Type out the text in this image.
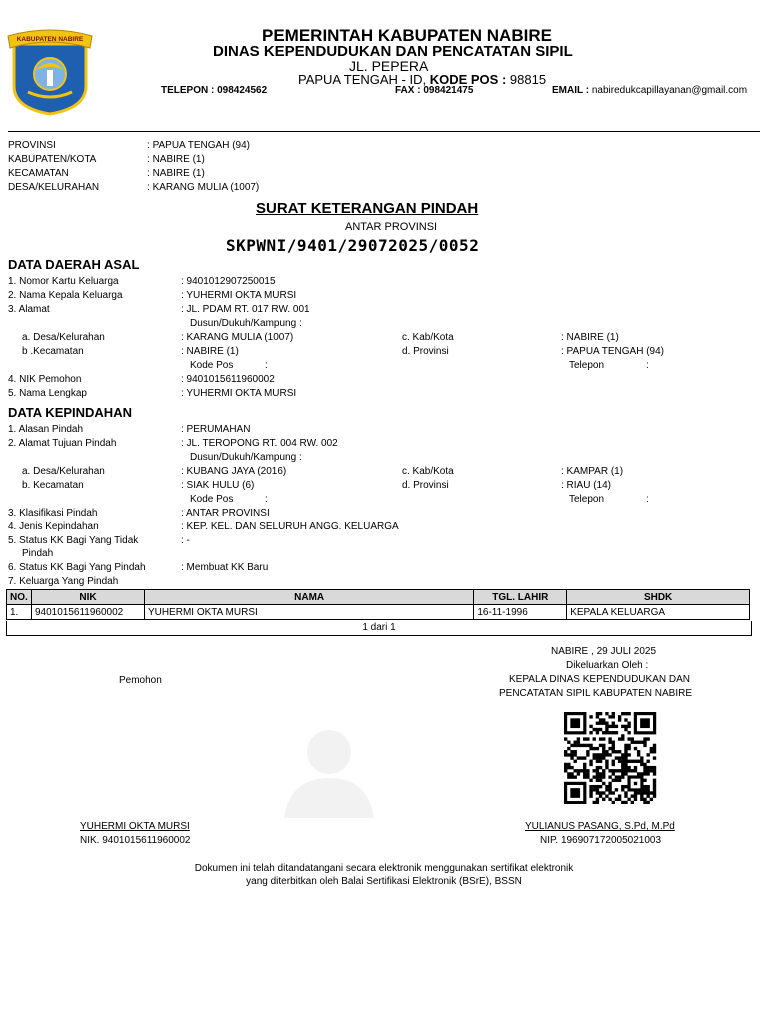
KABUPATEN NABIRE	PEMERINTAH KABUPATEN NABIRE
DINAS KEPENDUDUKAN DAN PENCATATAN SIPIL
JL. PEPERA
PAPUA TENGAH - ID, KODE POS : 98815
TELEPON : 098424562	FAX : 098421475	EMAIL : nabiredukcapillayanan@gmail.com
PROVINSI	: PAPUA TENGAH (94)
KABUPATEN/KOTA	: NABIRE (1)
KECAMATAN	: NABIRE (1)
DESA/KELURAHAN	: KARANG MULIA (1007)
SURAT KETERANGAN PINDAH
ANTAR PROVINSI
SKPWNI/9401/29072025/0052
DATA DAERAH ASAL
1. Nomor Kartu Keluarga	: 9401012907250015
2. Nama Kepala Keluarga	: YUHERMI OKTA MURSI
3. Alamat	: JL. PDAM RT. 017 RW. 001
Dusun/Dukuh/Kampung :
a. Desa/Kelurahan	: KARANG MULIA (1007)	c. Kab/Kota	: NABIRE (1)
b .Kecamatan	: NABIRE (1)	d. Provinsi	: PAPUA TENGAH (94)
Kode Pos	:	Telepon	:
4. NIK Pemohon	: 9401015611960002
5. Nama Lengkap	: YUHERMI OKTA MURSI
DATA KEPINDAHAN
1. Alasan Pindah	: PERUMAHAN
2. Alamat Tujuan Pindah	: JL. TEROPONG RT. 004 RW. 002
Dusun/Dukuh/Kampung :
a. Desa/Kelurahan	: KUBANG JAYA (2016)	c. Kab/Kota	: KAMPAR (1)
b. Kecamatan	: SIAK HULU (6)	d. Provinsi	: RIAU (14)
Kode Pos	:	Telepon	:
3. Klasifikasi Pindah	: ANTAR PROVINSI
4. Jenis Kepindahan	: KEP. KEL. DAN SELURUH ANGG. KELUARGA
5. Status KK Bagi Yang Tidak
Pindah
: -
6. Status KK Bagi Yang Pindah	: Membuat KK Baru
7. Keluarga Yang Pindah
NO.	NIK	NAMA	TGL. LAHIR	SHDK
1.	9401015611960002	YUHERMI OKTA MURSI	16-11-1996	KEPALA KELUARGA
1 dari 1
NABIRE , 29 JULI 2025
Dikeluarkan Oleh :
Pemohon	KEPALA DINAS KEPENDUDUKAN DAN
PENCATATAN SIPIL KABUPATEN NABIRE
YUHERMI OKTA MURSI
NIK. 9401015611960002
YULIANUS PASANG, S.Pd, M.Pd
NIP. 196907172005021003
Dokumen ini telah ditandatangani secara elektronik menggunakan sertifikat elektronik
yang diterbitkan oleh Balai Sertifikasi Elektronik (BSrE), BSSN
